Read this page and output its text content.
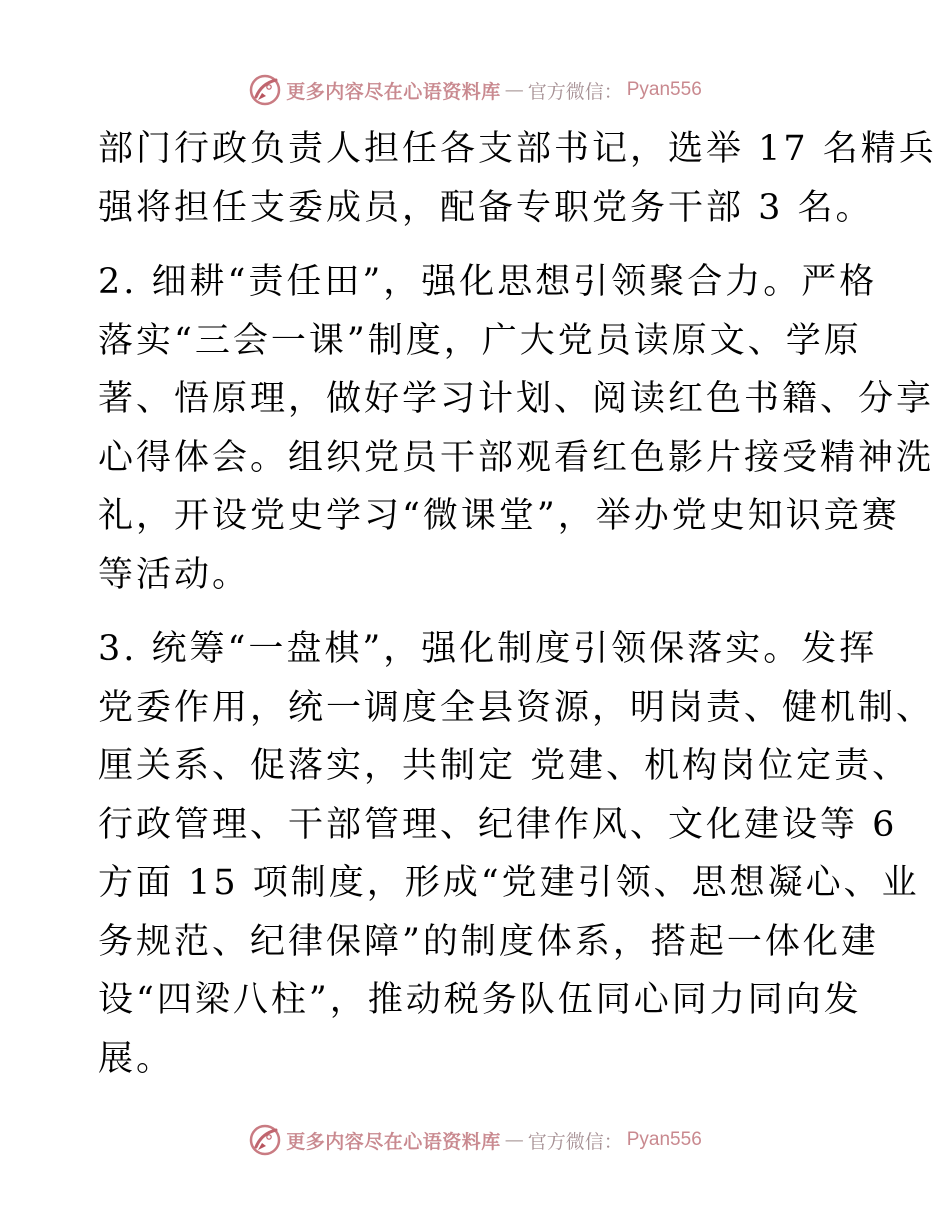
更多内容尽在心语资料库 — 官方微信： Pyan556
部门行政负责人担任各支部书记，选举 17 名精兵
强将担任支委成员，配备专职党务干部 3 名。
2. 细耕“责任田”，强化思想引领聚合力。严格
落实“三会一课”制度，广大党员读原文、学原
著、悟原理，做好学习计划、阅读红色书籍、分享
心得体会。组织党员干部观看红色影片接受精神洗
礼，开设党史学习“微课堂”，举办党史知识竞赛
等活动。
3. 统筹“一盘棋”，强化制度引领保落实。发挥
党委作用，统一调度全县资源，明岗责、健机制、
厘关系、促落实，共制定 党建、机构岗位定责、
行政管理、干部管理、纪律作风、文化建设等 6
方面 15 项制度，形成“党建引领、思想凝心、业
务规范、纪律保障”的制度体系，搭起一体化建
设“四梁八柱”，推动税务队伍同心同力同向发
展。
更多内容尽在心语资料库 — 官方微信： Pyan556
